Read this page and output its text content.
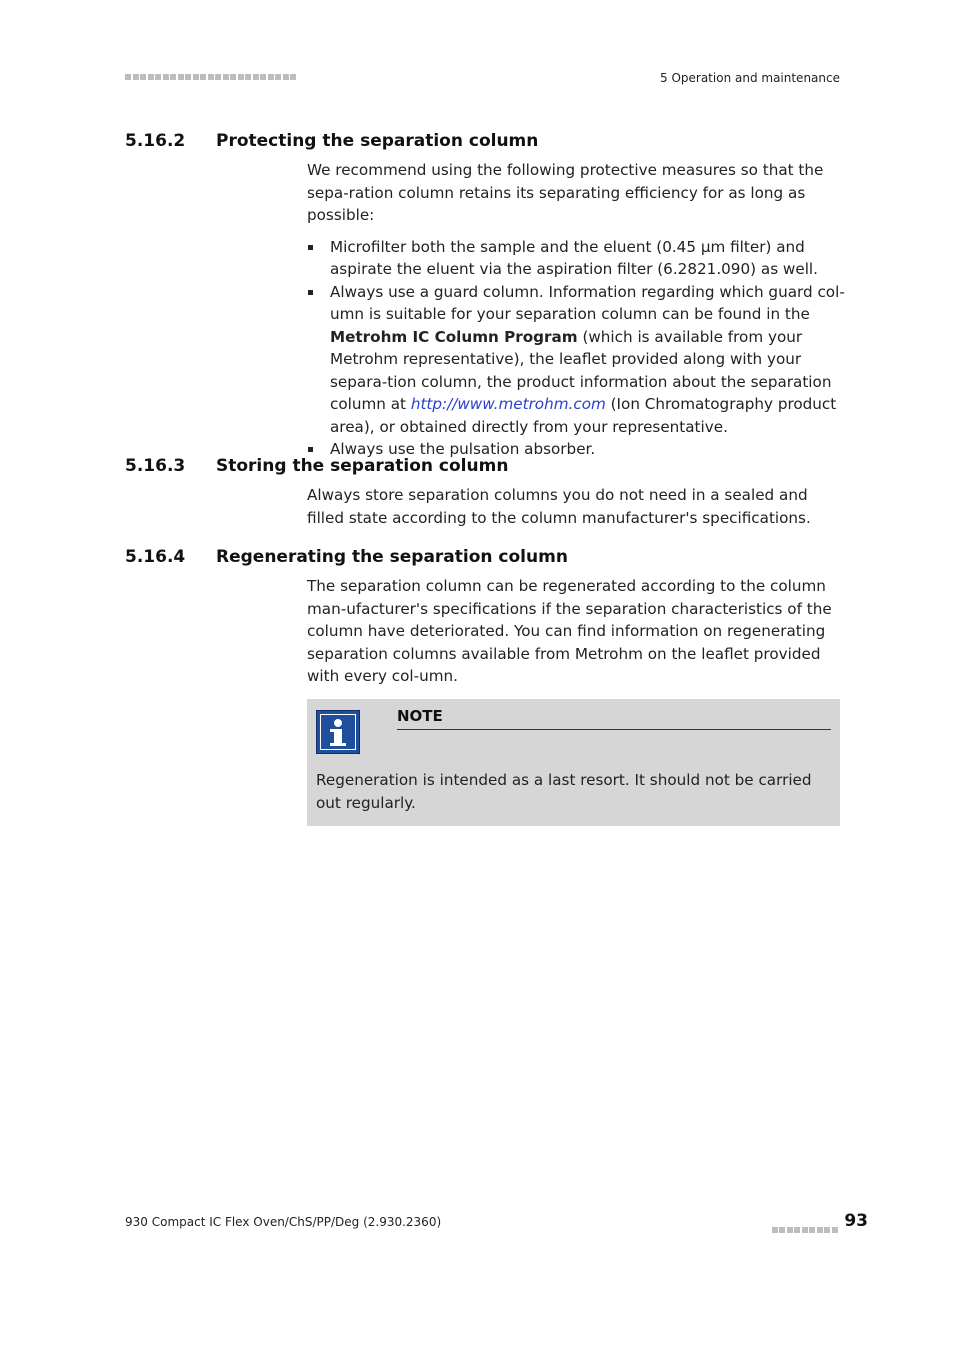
5 Operation and maintenance
5.16.2 Protecting the separation column

We recommend using the following protective measures so that the sepa-ration column retains its separating efficiency for as long as possible:

Microfilter both the sample and the eluent (0.45 µm filter) and aspirate the eluent via the aspiration filter (6.2821.090) as well.
Always use a guard column. Information regarding which guard col-umn is suitable for your separation column can be found in the Metrohm IC Column Program (which is available from your Metrohm representative), the leaflet provided along with your separa-tion column, the product information about the separation column at http://www.metrohm.com (Ion Chromatography product area), or obtained directly from your representative.
Always use the pulsation absorber.
5.16.3 Storing the separation column

Always store separation columns you do not need in a sealed and filled state according to the column manufacturer's specifications.

5.16.4 Regenerating the separation column

The separation column can be regenerated according to the column man-ufacturer's specifications if the separation characteristics of the column have deteriorated. You can find information on regenerating separation columns available from Metrohm on the leaflet provided with every col-umn.

NOTE
Regeneration is intended as a last resort. It should not be carried out regularly.
930 Compact IC Flex Oven/ChS/PP/Deg (2.930.2360)	93
